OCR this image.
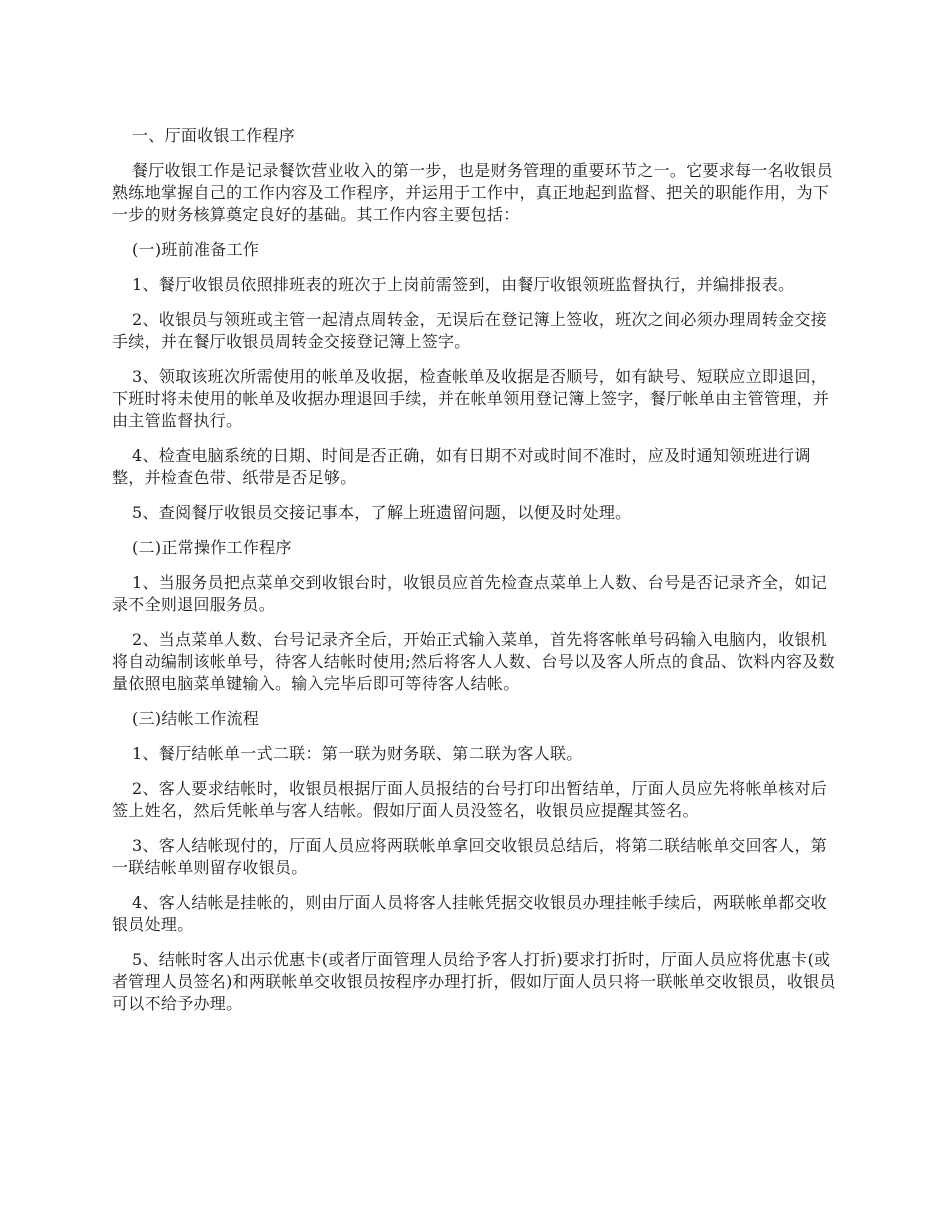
一、厅面收银工作程序

餐厅收银工作是记录餐饮营业收入的第一步，也是财务管理的重要环节之一。它要求每一名收银员熟练地掌握自己的工作内容及工作程序，并运用于工作中，真正地起到监督、把关的职能作用，为下一步的财务核算奠定良好的基础。其工作内容主要包括：

(一)班前准备工作

1、餐厅收银员依照排班表的班次于上岗前需签到，由餐厅收银领班监督执行，并编排报表。

2、收银员与领班或主管一起清点周转金，无误后在登记簿上签收，班次之间必须办理周转金交接手续，并在餐厅收银员周转金交接登记簿上签字。

3、领取该班次所需使用的帐单及收据，检查帐单及收据是否顺号，如有缺号、短联应立即退回，下班时将未使用的帐单及收据办理退回手续，并在帐单领用登记簿上签字，餐厅帐单由主管管理，并由主管监督执行。

4、检查电脑系统的日期、时间是否正确，如有日期不对或时间不准时，应及时通知领班进行调整，并检查色带、纸带是否足够。

5、查阅餐厅收银员交接记事本，了解上班遗留问题，以便及时处理。

(二)正常操作工作程序

1、当服务员把点菜单交到收银台时，收银员应首先检查点菜单上人数、台号是否记录齐全，如记录不全则退回服务员。

2、当点菜单人数、台号记录齐全后，开始正式输入菜单，首先将客帐单号码输入电脑内，收银机将自动编制该帐单号，待客人结帐时使用;然后将客人人数、台号以及客人所点的食品、饮料内容及数量依照电脑菜单键输入。输入完毕后即可等待客人结帐。

(三)结帐工作流程

1、餐厅结帐单一式二联：第一联为财务联、第二联为客人联。

2、客人要求结帐时，收银员根据厅面人员报结的台号打印出暂结单，厅面人员应先将帐单核对后签上姓名，然后凭帐单与客人结帐。假如厅面人员没签名，收银员应提醒其签名。

3、客人结帐现付的，厅面人员应将两联帐单拿回交收银员总结后，将第二联结帐单交回客人，第一联结帐单则留存收银员。

4、客人结帐是挂帐的，则由厅面人员将客人挂帐凭据交收银员办理挂帐手续后，两联帐单都交收银员处理。

5、结帐时客人出示优惠卡(或者厅面管理人员给予客人打折)要求打折时，厅面人员应将优惠卡(或者管理人员签名)和两联帐单交收银员按程序办理打折，假如厅面人员只将一联帐单交收银员，收银员可以不给予办理。
